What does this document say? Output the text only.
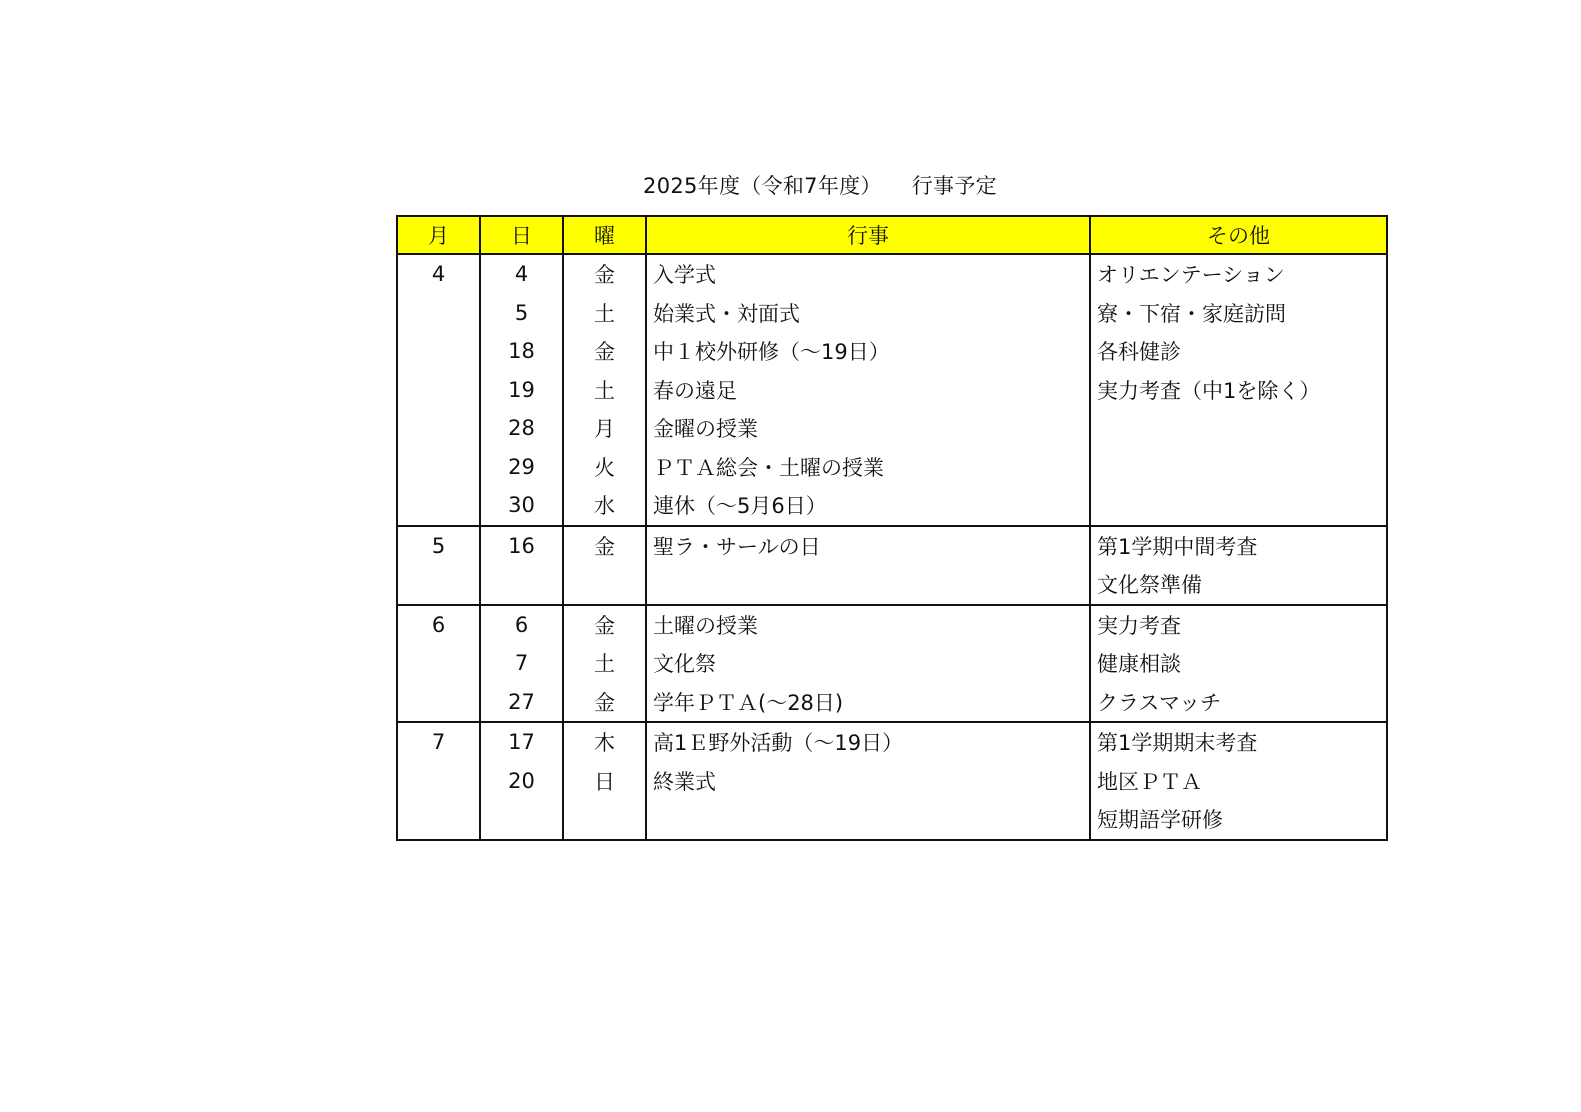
2025年度（令和7年度） 行事予定
月	日	曜	行事	その他
4	4	金	入学式	オリエンテーション
	5	土	始業式・対面式	寮・下宿・家庭訪問
	18	金	中１校外研修（～19日）	各科健診
	19	土	春の遠足	実力考査（中1を除く）
	28	月	金曜の授業	
	29	火	ＰＴＡ総会・土曜の授業	
	30	水	連休（～5月6日）	
5	16	金	聖ラ・サールの日	第1学期中間考査
				文化祭準備
6	6	金	土曜の授業	実力考査
	7	土	文化祭	健康相談
	27	金	学年ＰＴＡ(～28日)	クラスマッチ
7	17	木	高1Ｅ野外活動（～19日）	第1学期期末考査
	20	日	終業式	地区ＰＴＡ
				短期語学研修
